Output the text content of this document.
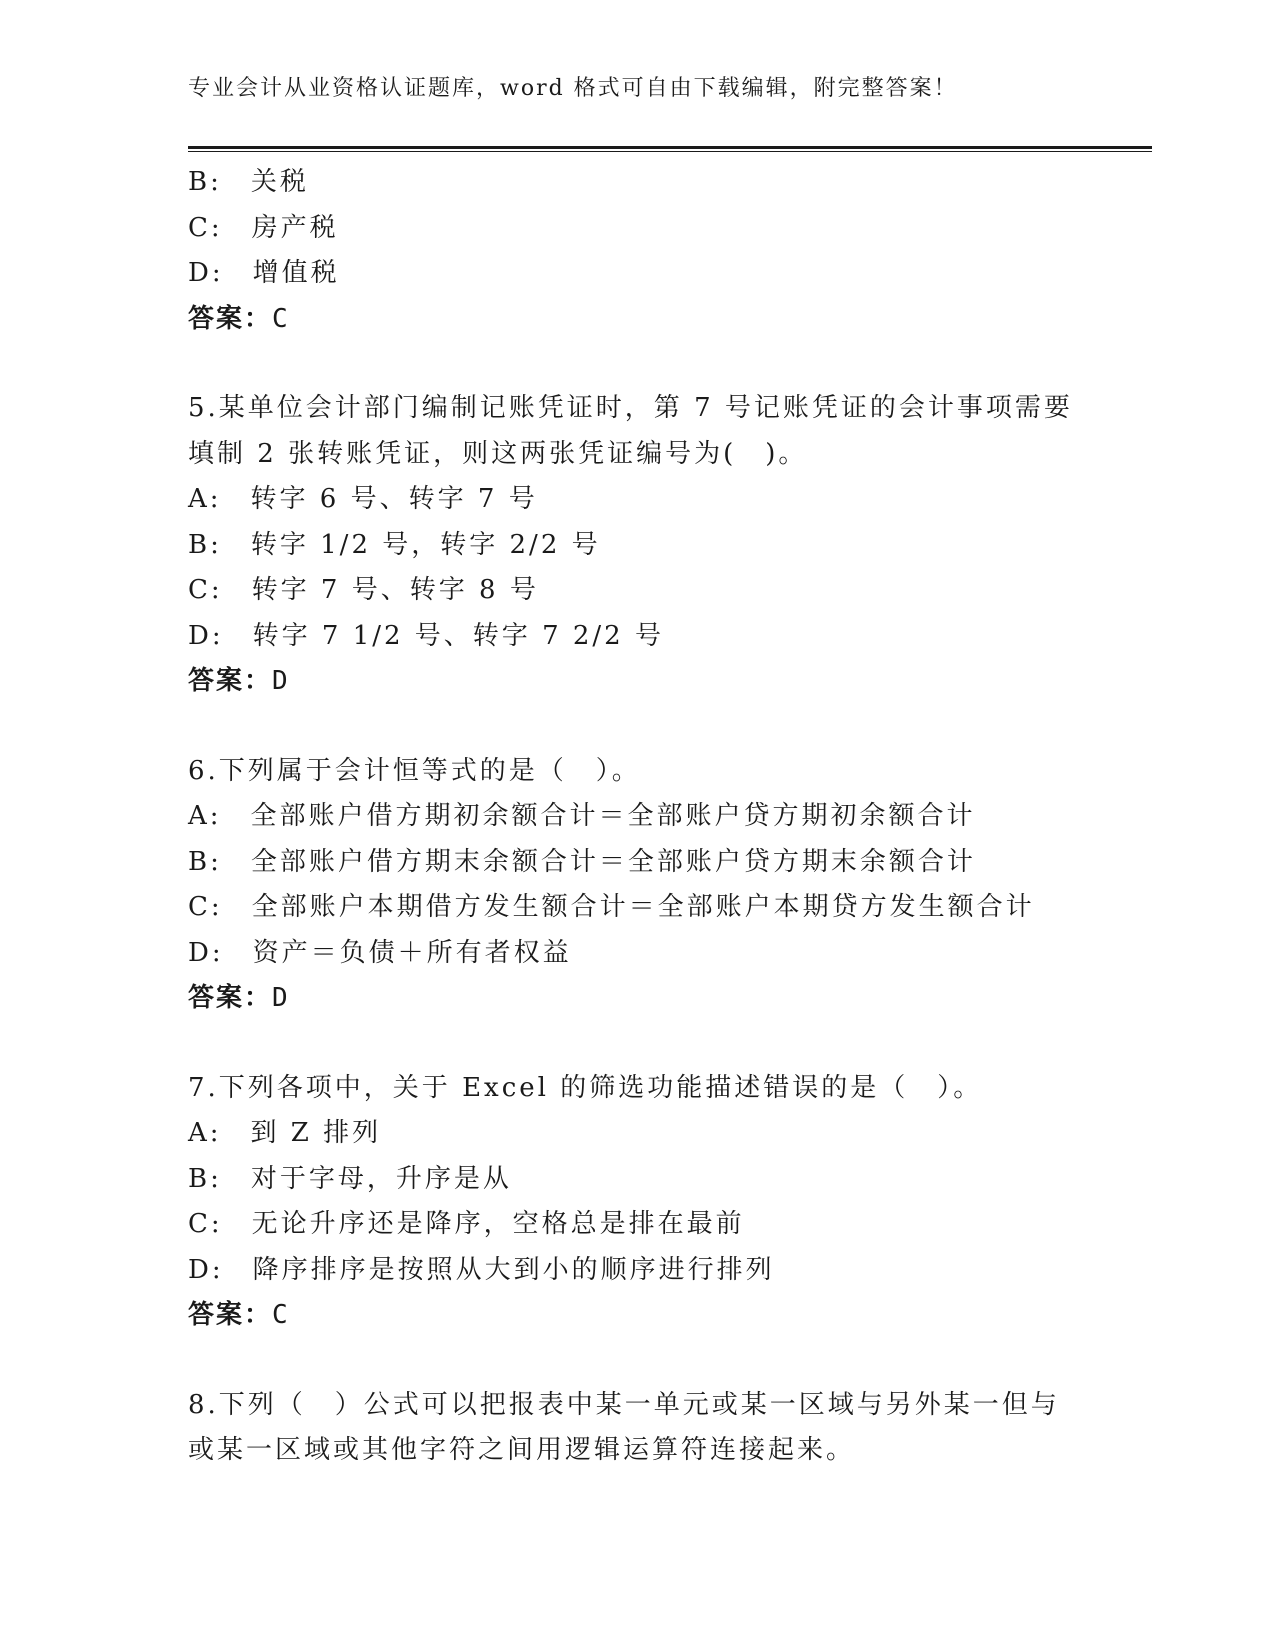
专业会计从业资格认证题库，word 格式可自由下载编辑，附完整答案！
B:　关税
C:　房产税
D:　增值税
答案：C
5.某单位会计部门编制记账凭证时，第 7 号记账凭证的会计事项需要
填制 2 张转账凭证，则这两张凭证编号为(　)。
A:　转字 6 号、转字 7 号
B:　转字 1/2 号，转字 2/2 号
C:　转字 7 号、转字 8 号
D:　转字 7 1/2 号、转字 7 2/2 号
答案：D
6.下列属于会计恒等式的是（　）。
A:　全部账户借方期初余额合计＝全部账户贷方期初余额合计
B:　全部账户借方期末余额合计＝全部账户贷方期末余额合计
C:　全部账户本期借方发生额合计＝全部账户本期贷方发生额合计
D:　资产＝负债＋所有者权益
答案：D
7.下列各项中，关于 Excel 的筛选功能描述错误的是（　）。
A:　到 Z 排列
B:　对于字母，升序是从
C:　无论升序还是降序，空格总是排在最前
D:　降序排序是按照从大到小的顺序进行排列
答案：C
8.下列（　）公式可以把报表中某一单元或某一区域与另外某一但与
或某一区域或其他字符之间用逻辑运算符连接起来。
